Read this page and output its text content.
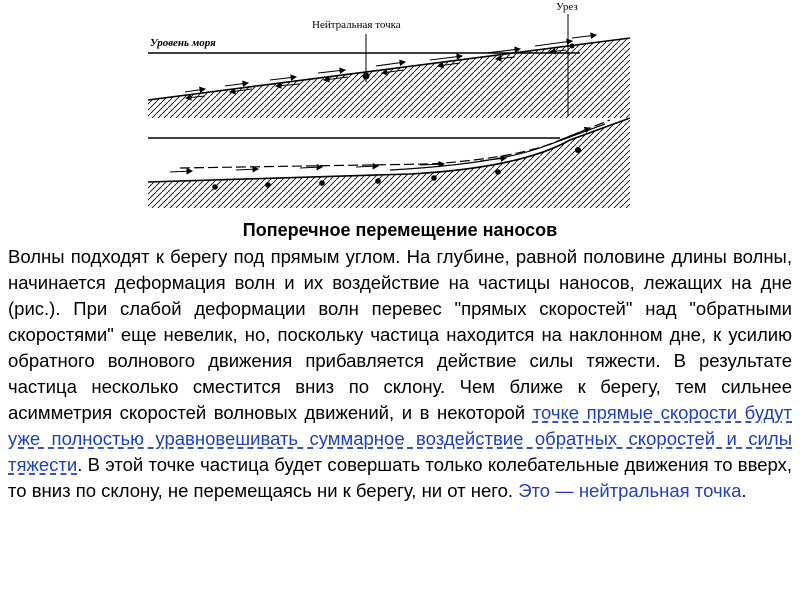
Уровень моря
Нейтральная точка
Урез
Поперечное перемещение наносов
Волны подходят к берегу под прямым углом. На глубине, равной половине длины волны, начинается деформация волн и их воздействие на частицы наносов, лежащих на дне (рис.). При слабой деформации волн перевес "прямых скоростей" над "обратными скоростями" еще невелик, но, поскольку частица находится на наклонном дне, к усилию обратного волнового движения прибавляется действие силы тяжести. В результате частица несколько сместится вниз по склону. Чем ближе к берегу, тем сильнее асимметрия скоростей волновых движений, и в некоторой точке прямые скорости будут уже полностью уравновешивать суммарное воздействие обратных скоростей и силы тяжести. В этой точке частица будет совершать только колебательные движения то вверх, то вниз по склону, не перемещаясь ни к берегу, ни от него. Это — нейтральная точка.
